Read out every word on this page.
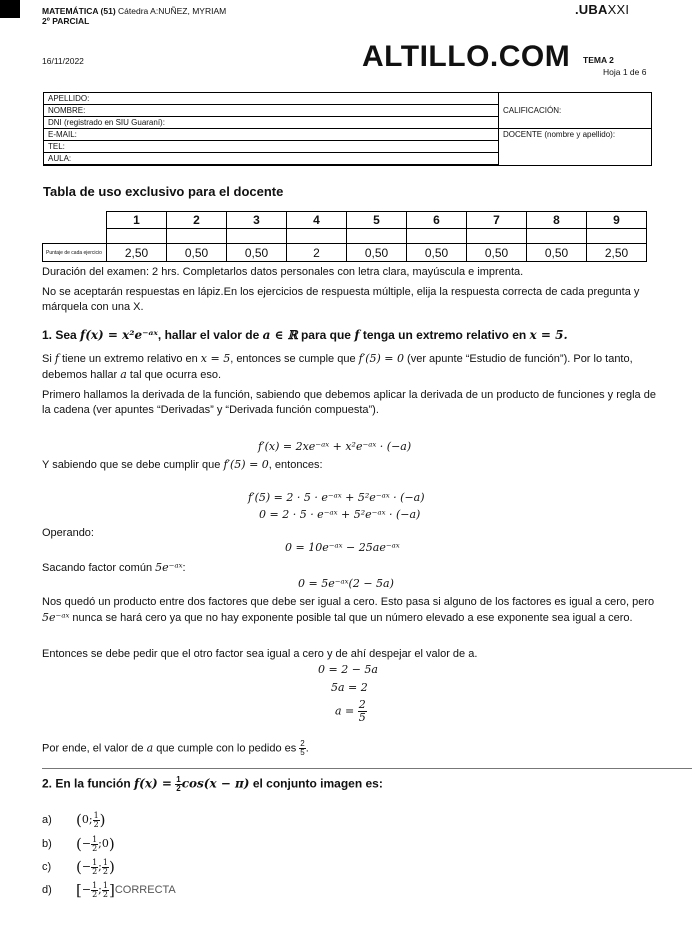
MATEMÁTICA (51) Cátedra A:NUÑEZ, MYRIAM
2º PARCIAL
.UBAXXI
16/11/2022	ALTILLO.COM TEMA 2
Hoja 1 de 6
APELLIDO:	CALIFICACIÓN:
NOMBRE:	
DNI (registrado en SIU Guaraní):	
E-MAIL:	DOCENTE (nombre y apellido):
TEL:	
AULA:	

Tabla de uso exclusivo para el docente
	1	2	3	4	5	6	7	8	9

Puntaje de cada ejercicio	2,50	0,50	0,50	2	0,50	0,50	0,50	0,50	2,50
Duración del examen: 2 hrs. Completarlos datos personales con letra clara, mayúscula e imprenta.
No se aceptarán respuestas en lápiz.En los ejercicios de respuesta múltiple, elija la respuesta correcta de cada pregunta y márquela con una X.
1. Sea f(x) = x²e⁻ᵃˣ, hallar el valor de a ∈ ℝ para que f tenga un extremo relativo en x = 5.
Si f tiene un extremo relativo en x = 5, entonces se cumple que f′(5) = 0 (ver apunte “Estudio de función”). Por lo tanto, debemos hallar a tal que ocurra eso.
Primero hallamos la derivada de la función, sabiendo que debemos aplicar la derivada de un producto de funciones y regla de la cadena (ver apuntes “Derivadas” y “Derivada función compuesta”).
f′(x) = 2xe⁻ᵃˣ + x²e⁻ᵃˣ · (−a)
Y sabiendo que se debe cumplir que f′(5) = 0, entonces:
f′(5) = 2 · 5 · e⁻ᵃˣ + 5²e⁻ᵃˣ · (−a)
0 = 2 · 5 · e⁻ᵃˣ + 5²e⁻ᵃˣ · (−a)
Operando:
0 = 10e⁻ᵃˣ − 25ae⁻ᵃˣ
Sacando factor común 5e⁻ᵃˣ:
0 = 5e⁻ᵃˣ(2 − 5a)
Nos quedó un producto entre dos factores que debe ser igual a cero. Esto pasa si alguno de los factores es igual a cero, pero 5e⁻ᵃˣ nunca se hará cero ya que no hay exponente posible tal que un número elevado a ese exponente sea igual a cero.
Entonces se debe pedir que el otro factor sea igual a cero y de ahí despejar el valor de a.
0 = 2 − 5a
5a = 2
$a = \frac{2}{5}$
Por ende, el valor de a que cumple con lo pedido es $\frac{2}{5}$ .
2. En la función $f(x) = \frac{1}{2} \cos(x - \pi)$ el conjunto imagen es:
a) (0; $\frac{1}{2}$ )
b) (− $\frac{1}{2}$ ;0)
c) (− $\frac{1}{2}$ ; $\frac{1}{2}$ )
d) [− $\frac{1}{2}$ ; $\frac{1}{2}$ ]CORRECTA
